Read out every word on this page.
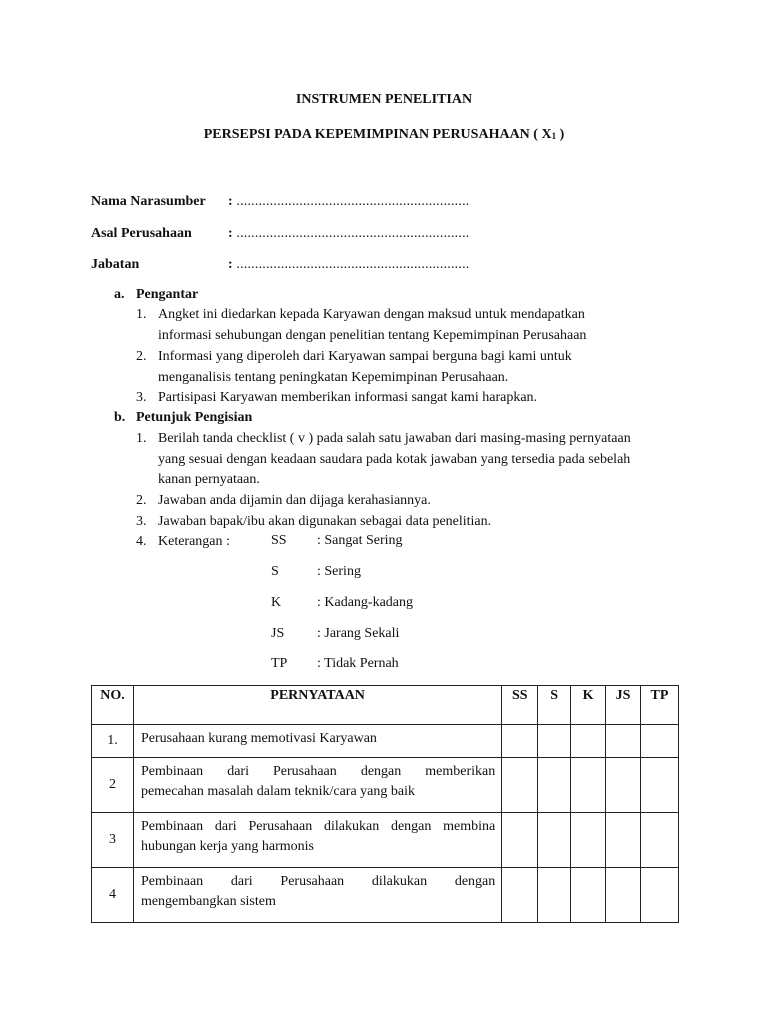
INSTRUMEN PENELITIAN
PERSEPSI PADA KEPEMIMPINAN PERUSAHAAN ( $X_1$ )
Nama Narasumber : ...............................................................
Asal Perusahaan	: ...............................................................
Jabatan	: ...............................................................
a. Pengantar
1. Angket ini diedarkan kepada Karyawan dengan maksud untuk mendapatkan
informasi sehubungan dengan penelitian tentang Kepemimpinan Perusahaan
2. Informasi yang diperoleh dari Karyawan sampai berguna bagi kami untuk
menganalisis tentang peningkatan Kepemimpinan Perusahaan.
3. Partisipasi Karyawan memberikan informasi sangat kami harapkan.
b. Petunjuk Pengisian
1. Berilah tanda checklist ( v ) pada salah satu jawaban dari masing-masing pernyataan
yang sesuai dengan keadaan saudara pada kotak jawaban yang tersedia pada sebelah
kanan pernyataan.
2. Jawaban anda dijamin dan dijaga kerahasiannya.
3. Jawaban bapak/ibu akan digunakan sebagai data penelitian.
4. Keterangan :	SS : Sangat Sering
S	: Sering
K	: Kadang-kadang
JS : Jarang Sekali
TP : Tidak Pernah
NO.	PERNYATAAN	SS	S	K	JS	TP
1.	Perusahaan kurang memotivasi Karyawan					

2	Pembinaan dari Perusahaan dengan memberikan
pemecahan masalah dalam teknik/cara yang baik					

3	Pembinaan dari Perusahaan dilakukan dengan membina
hubungan kerja yang harmonis					

4	Pembinaan dari Perusahaan dilakukan dengan
mengembangkan sistem					
